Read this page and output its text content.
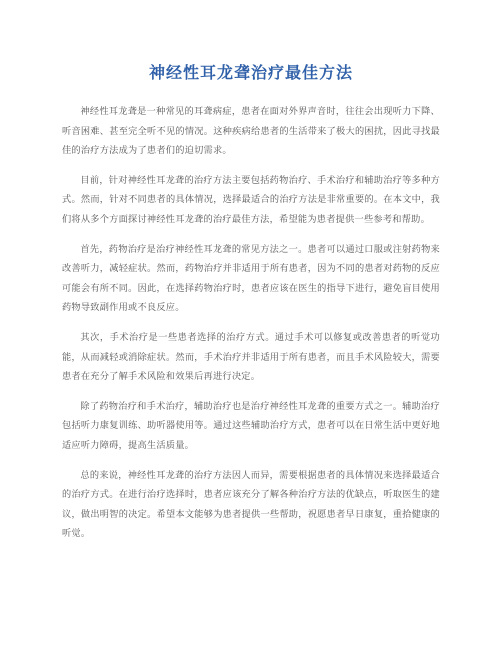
神经性耳龙聋治疗最佳方法

神经性耳龙聋是一种常见的耳聋病症，患者在面对外界声音时，往往会出现听力下降、听音困难、甚至完全听不见的情况。这种疾病给患者的生活带来了极大的困扰，因此寻找最佳的治疗方法成为了患者们的迫切需求。

目前，针对神经性耳龙聋的治疗方法主要包括药物治疗、手术治疗和辅助治疗等多种方式。然而，针对不同患者的具体情况，选择最适合的治疗方法是非常重要的。在本文中，我们将从多个方面探讨神经性耳龙聋的治疗最佳方法，希望能为患者提供一些参考和帮助。

首先，药物治疗是治疗神经性耳龙聋的常见方法之一。患者可以通过口服或注射药物来改善听力，减轻症状。然而，药物治疗并非适用于所有患者，因为不同的患者对药物的反应可能会有所不同。因此，在选择药物治疗时，患者应该在医生的指导下进行，避免盲目使用药物导致副作用或不良反应。

其次，手术治疗是一些患者选择的治疗方式。通过手术可以修复或改善患者的听觉功能，从而减轻或消除症状。然而，手术治疗并非适用于所有患者，而且手术风险较大，需要患者在充分了解手术风险和效果后再进行决定。

除了药物治疗和手术治疗，辅助治疗也是治疗神经性耳龙聋的重要方式之一。辅助治疗包括听力康复训练、助听器使用等。通过这些辅助治疗方式，患者可以在日常生活中更好地适应听力障碍，提高生活质量。

总的来说，神经性耳龙聋的治疗方法因人而异，需要根据患者的具体情况来选择最适合的治疗方式。在进行治疗选择时，患者应该充分了解各种治疗方法的优缺点，听取医生的建议，做出明智的决定。希望本文能够为患者提供一些帮助，祝愿患者早日康复，重拾健康的听觉。
